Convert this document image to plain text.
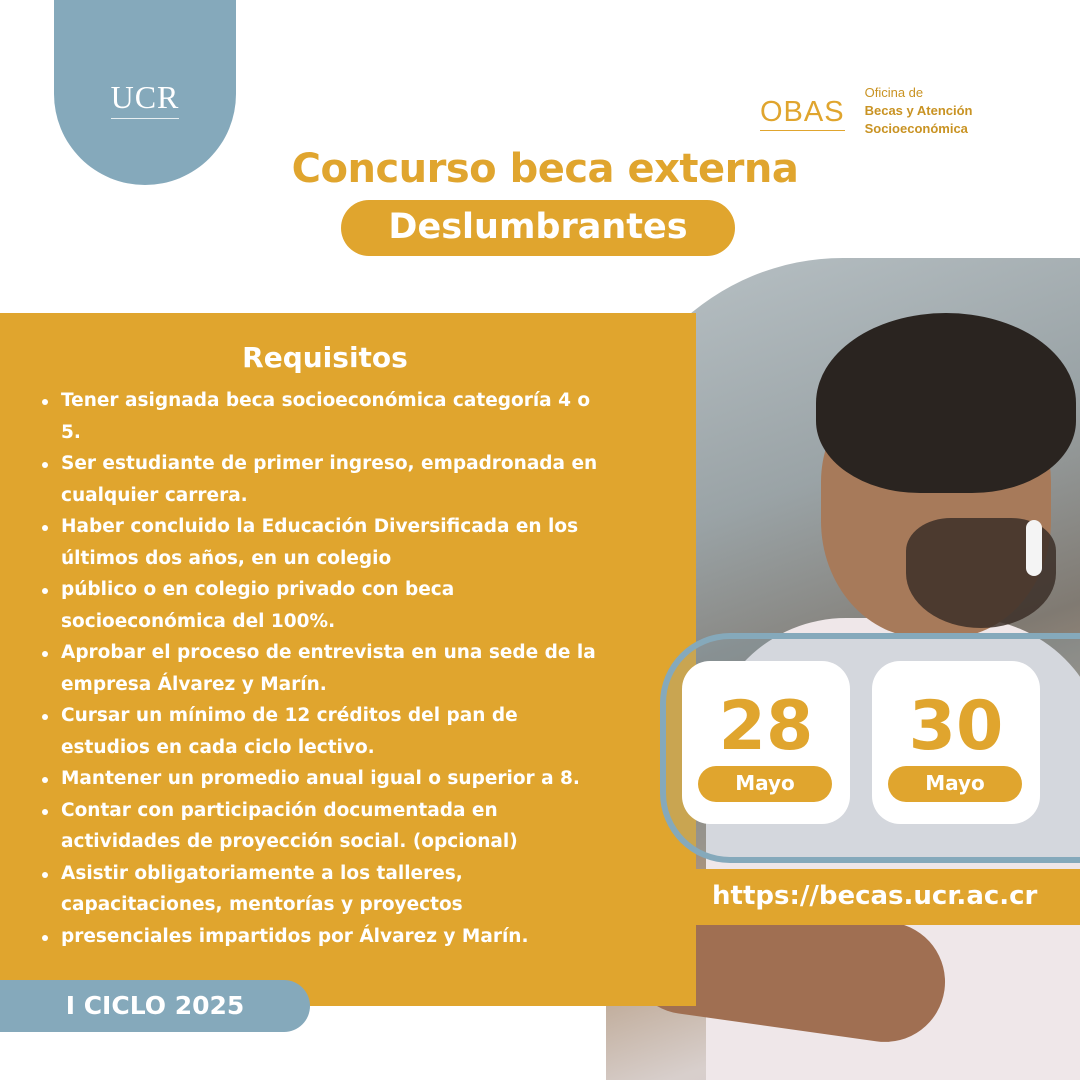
UCR	OBAS
Oficina de
Becas y Atención
Socioeconómica
Concurso beca externa
Deslumbrantes
Requisitos
Tener asignada beca socioeconómica categoría 4 o 5.
Ser estudiante de primer ingreso, empadronada en cualquier carrera.
Haber concluido la Educación Diversificada en los últimos dos años, en un colegio
público o en colegio privado con beca socioeconómica del 100%.
Aprobar el proceso de entrevista en una sede de la empresa Álvarez y Marín.
Cursar un mínimo de 12 créditos del pan de estudios en cada ciclo lectivo.
Mantener un promedio anual igual o superior a 8.
Contar con participación documentada en actividades de proyección social. (opcional)
Asistir obligatoriamente a los talleres, capacitaciones, mentorías y proyectos
presenciales impartidos por Álvarez y Marín.
I CICLO 2025
28
Mayo
30
Mayo
https://becas.ucr.ac.cr
